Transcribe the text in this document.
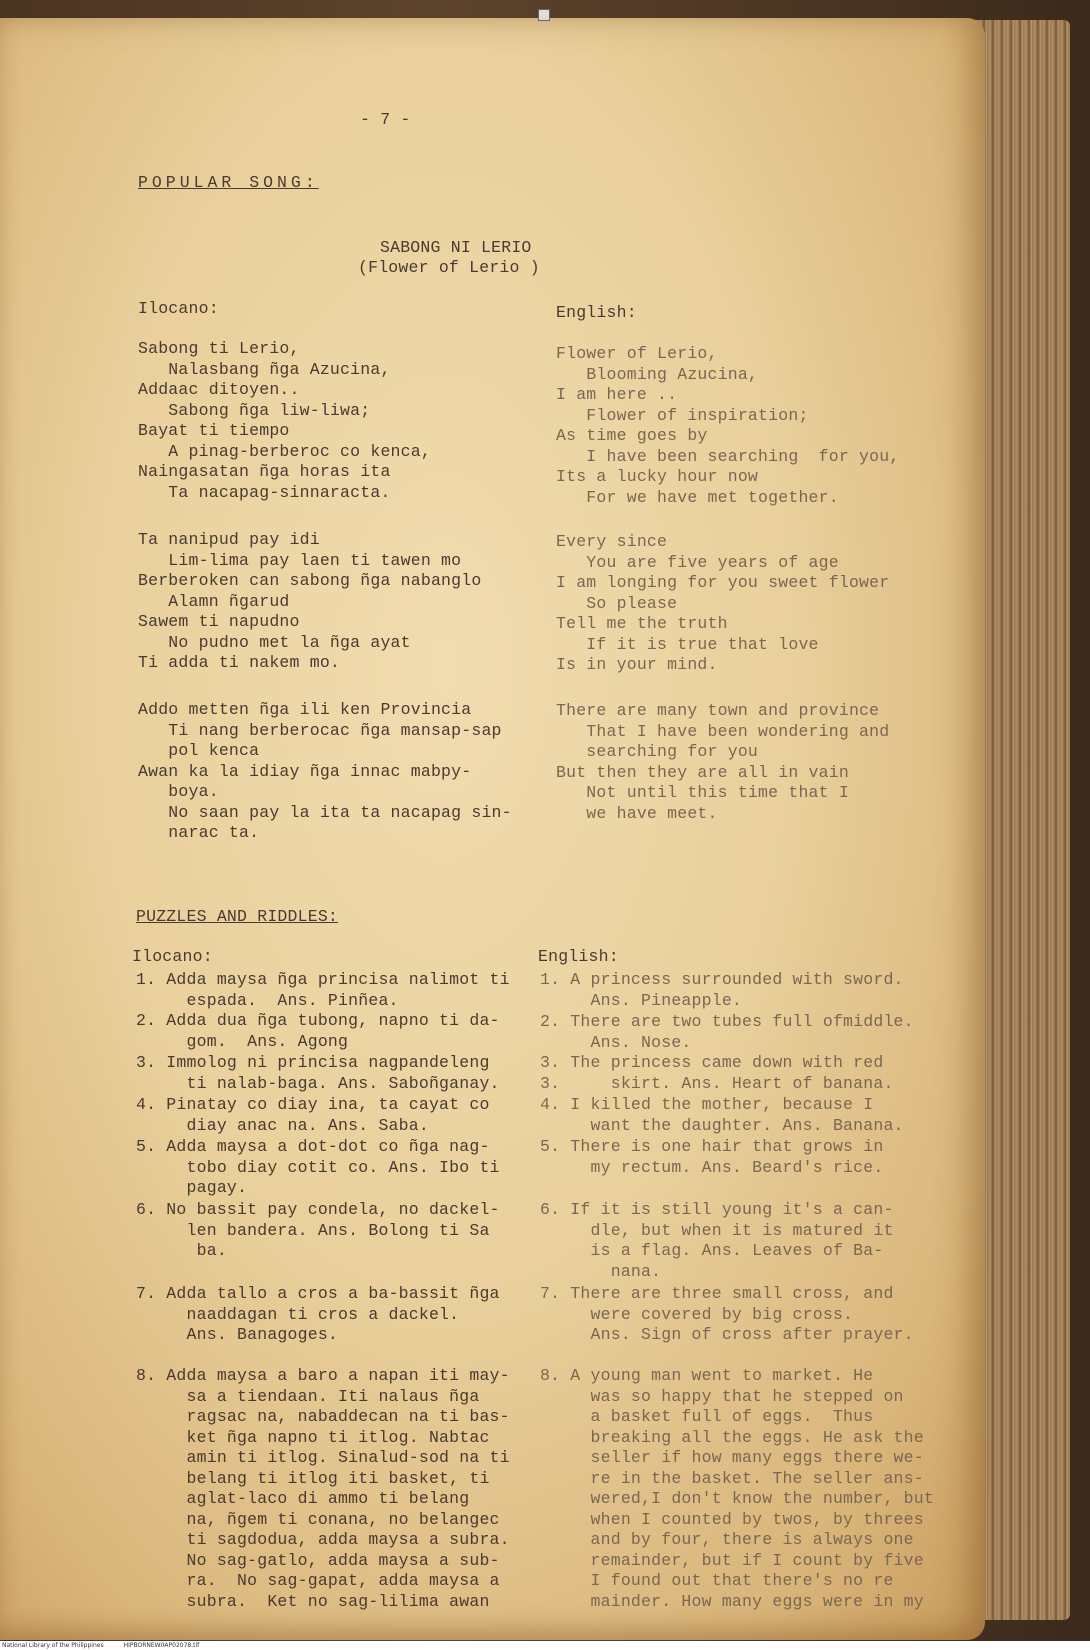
- 7 -
POPULAR SONG:
SABONG NI LERIO
(Flower of Lerio )
Ilocano:	English:
Sabong ti Lerio,
Nalasbang ñga Azucina,
Addaac ditoyen..
Sabong ñga liw-liwa;
Bayat ti tiempo
A pinag-berberoc co kenca,
Naingasatan ñga horas ita
Ta nacapag-sinnaracta.
Ta nanipud pay idi
Lim-lima pay laen ti tawen mo
Berberoken can sabong ñga nabanglo
Alamn ñgarud
Sawem ti napudno
No pudno met la ñga ayat
Ti adda ti nakem mo.
Addo metten ñga ili ken Provincia
Ti nang berberocac ñga mansap-sap
pol kenca
Awan ka la idiay ñga innac mabpy-
boya.
No saan pay la ita ta nacapag sin-
narac ta.
Flower of Lerio,
Blooming Azucina,
I am here ..
Flower of inspiration;
As time goes by
I have been searching  for you,
Its a lucky hour now
For we have met together.
Every since
You are five years of age
I am longing for you sweet flower
So please
Tell me the truth
If it is true that love
Is in your mind.
There are many town and province
That I have been wondering and
searching for you
But then they are all in vain
Not until this time that I
we have meet.
PUZZLES AND RIDDLES:
Ilocano:	English:
1. Adda maysa ñga princisa nalimot ti
espada.  Ans. Pinñea.
2. Adda dua ñga tubong, napno ti da-
gom.  Ans. Agong
3. Immolog ni princisa nagpandeleng
ti nalab-baga. Ans. Saboñganay.
4. Pinatay co diay ina, ta cayat co
diay anac na. Ans. Saba.
5. Adda maysa a dot-dot co ñga nag-
tobo diay cotit co. Ans. Ibo ti
pagay.
6. No bassit pay condela, no dackel-
len bandera. Ans. Bolong ti Sa
ba.
7. Adda tallo a cros a ba-bassit ñga
naaddagan ti cros a dackel.
Ans. Banagoges.
8. Adda maysa a baro a napan iti may-
sa a tiendaan. Iti nalaus ñga
ragsac na, nabaddecan na ti bas-
ket ñga napno ti itlog. Nabtac
amin ti itlog. Sinalud-sod na ti
belang ti itlog iti basket, ti
aglat-laco di ammo ti belang
na, ñgem ti conana, no belangec
ti sagdodua, adda maysa a subra.
No sag-gatlo, adda maysa a sub-
ra.  No sag-gapat, adda maysa a
subra.  Ket no sag-lilima awan
1. A princess surrounded with sword.
Ans. Pineapple.
2. There are two tubes full ofmiddle.
Ans. Nose.
3. The princess came down with red
3.     skirt. Ans. Heart of banana.
4. I killed the mother, because I
want the daughter. Ans. Banana.
5. There is one hair that grows in
my rectum. Ans. Beard's rice.
6. If it is still young it's a can-
dle, but when it is matured it
is a flag. Ans. Leaves of Ba-
nana.
7. There are three small cross, and
were covered by big cross.
Ans. Sign of cross after prayer.
8. A young man went to market. He
was so happy that he stepped on
a basket full of eggs.  Thus
breaking all the eggs. He ask the
seller if how many eggs there we-
re in the basket. The seller ans-
wered,I don't know the number, but
when I counted by twos, by threes
and by four, there is always one
remainder, but if I count by five
I found out that there's no re
mainder. How many eggs were in my
National Library of the Philippines	HIPBORNEW0AP02078.tif
